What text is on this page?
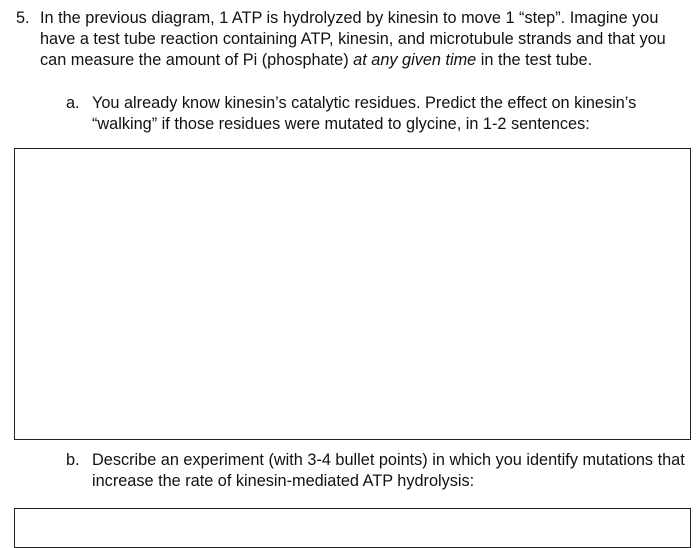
5. In the previous diagram, 1 ATP is hydrolyzed by kinesin to move 1 “step”. Imagine you have a test tube reaction containing ATP, kinesin, and microtubule strands and that you can measure the amount of Pi (phosphate) at any given time in the test tube.
a. You already know kinesin’s catalytic residues. Predict the effect on kinesin’s “walking” if those residues were mutated to glycine, in 1-2 sentences:
b. Describe an experiment (with 3-4 bullet points) in which you identify mutations that increase the rate of kinesin-mediated ATP hydrolysis:
